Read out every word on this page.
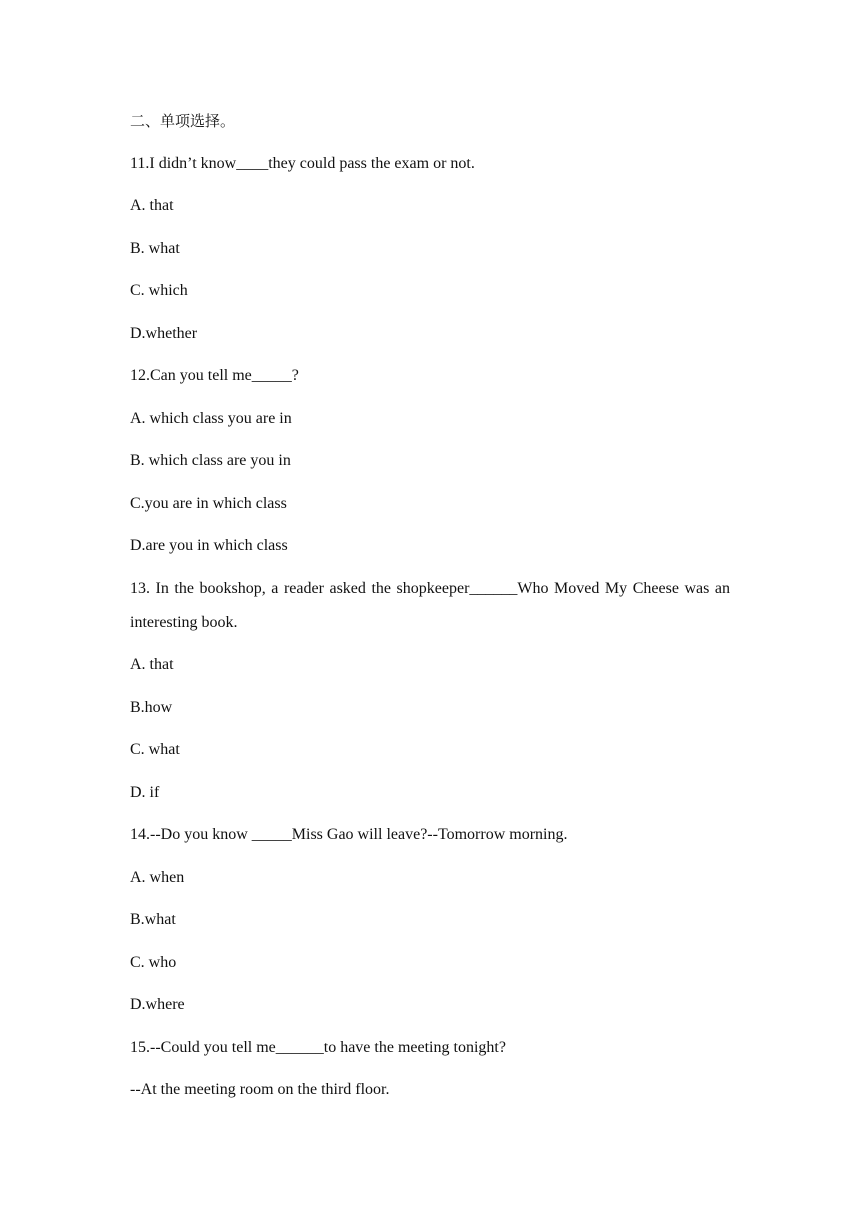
二、单项选择。
11.I didn’t know____they could pass the exam or not.
A. that
B. what
C. which
D.whether
12.Can you tell me_____?
A. which class you are in
B. which class are you in
C.you are in which class
D.are you in which class
13. In the bookshop, a reader asked the shopkeeper______Who Moved My Cheese was an interesting book.
A. that
B.how
C. what
D. if
14.--Do you know _____Miss Gao will leave?--Tomorrow morning.
A. when
B.what
C. who
D.where
15.--Could you tell me______to have the meeting tonight?
--At the meeting room on the third floor.
